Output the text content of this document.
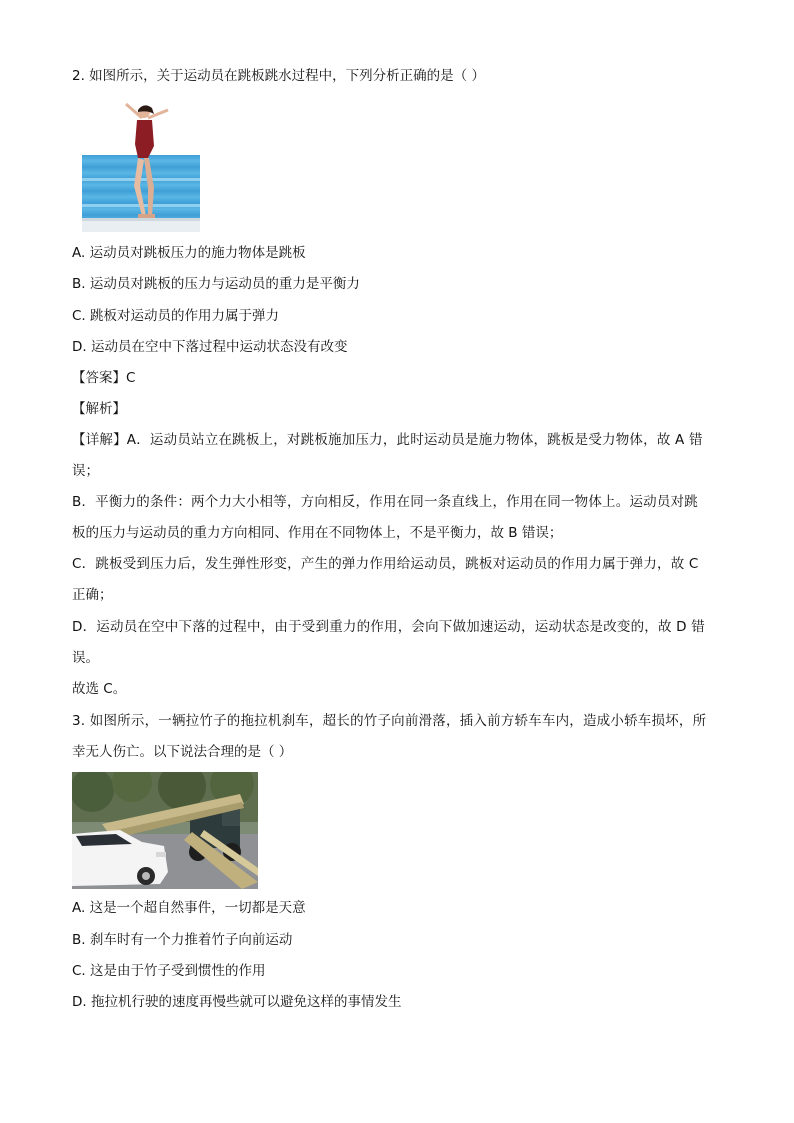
2. 如图所示，关于运动员在跳板跳水过程中，下列分析正确的是（ ）
A. 运动员对跳板压力的施力物体是跳板
B. 运动员对跳板的压力与运动员的重力是平衡力
C. 跳板对运动员的作用力属于弹力
D. 运动员在空中下落过程中运动状态没有改变
【答案】C
【解析】
【详解】A．运动员站立在跳板上，对跳板施加压力，此时运动员是施力物体，跳板是受力物体，故 A 错
误；
B．平衡力的条件：两个力大小相等，方向相反，作用在同一条直线上，作用在同一物体上。运动员对跳
板的压力与运动员的重力方向相同、作用在不同物体上，不是平衡力，故 B 错误；
C．跳板受到压力后，发生弹性形变，产生的弹力作用给运动员，跳板对运动员的作用力属于弹力，故 C
正确；
D．运动员在空中下落的过程中，由于受到重力的作用，会向下做加速运动，运动状态是改变的，故 D 错
误。
故选 C。
3. 如图所示，一辆拉竹子的拖拉机刹车，超长的竹子向前滑落，插入前方轿车车内，造成小轿车损坏，所
幸无人伤亡。以下说法合理的是（ ）
A. 这是一个超自然事件，一切都是天意
B. 刹车时有一个力推着竹子向前运动
C. 这是由于竹子受到惯性的作用
D. 拖拉机行驶的速度再慢些就可以避免这样的事情发生
